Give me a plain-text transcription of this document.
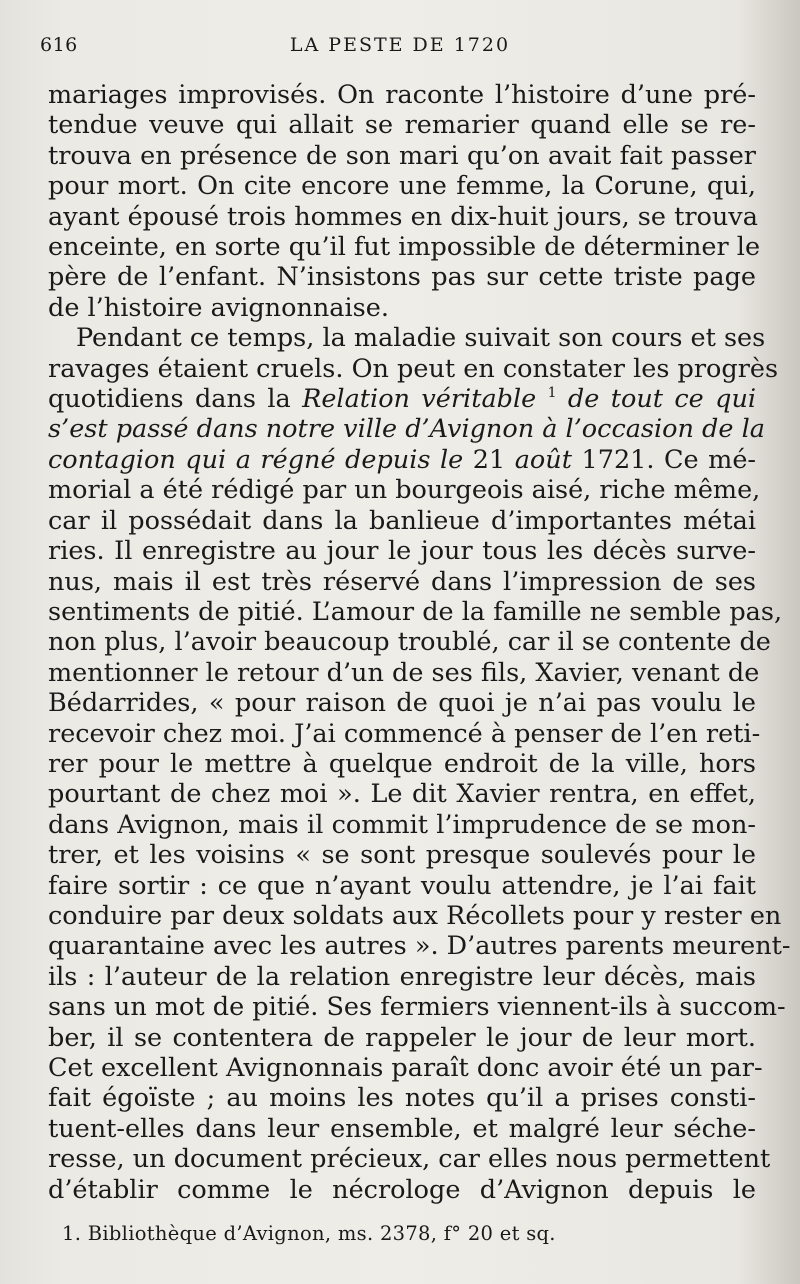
616	LA PESTE DE 1720
mariages improvisés. On raconte l’histoire d’une pré-
tendue veuve qui allait se remarier quand elle se re-
trouva en présence de son mari qu’on avait fait passer
pour mort. On cite encore une femme, la Corune, qui,
ayant épousé trois hommes en dix-huit jours, se trouva
enceinte, en sorte qu’il fut impossible de déterminer le
père de l’enfant. N’insistons pas sur cette triste page
de l’histoire avignonnaise.
Pendant ce temps, la maladie suivait son cours et ses
ravages étaient cruels. On peut en constater les progrès
quotidiens dans la Relation véritable $^1$ de tout ce qui
s’est passé dans notre ville d’Avignon à l’occasion de la
contagion qui a régné depuis le 21 août 1721. Ce mé-
morial a été rédigé par un bourgeois aisé, riche même,
car il possédait dans la banlieue d’importantes métai
ries. Il enregistre au jour le jour tous les décès surve-
nus, mais il est très réservé dans l’impression de ses
sentiments de pitié. L’amour de la famille ne semble pas,
non plus, l’avoir beaucoup troublé, car il se contente de
mentionner le retour d’un de ses fils, Xavier, venant de
Bédarrides, « pour raison de quoi je n’ai pas voulu le
recevoir chez moi. J’ai commencé à penser de l’en reti-
rer pour le mettre à quelque endroit de la ville, hors
pourtant de chez moi ». Le dit Xavier rentra, en effet,
dans Avignon, mais il commit l’imprudence de se mon-
trer, et les voisins « se sont presque soulevés pour le
faire sortir : ce que n’ayant voulu attendre, je l’ai fait
conduire par deux soldats aux Récollets pour y rester en
quarantaine avec les autres ». D’autres parents meurent-
ils : l’auteur de la relation enregistre leur décès, mais
sans un mot de pitié. Ses fermiers viennent-ils à succom-
ber, il se contentera de rappeler le jour de leur mort.
Cet excellent Avignonnais paraît donc avoir été un par-
fait égoïste ; au moins les notes qu’il a prises consti-
tuent-elles dans leur ensemble, et malgré leur séche-
resse, un document précieux, car elles nous permettent
d’établir comme le nécrologe d’Avignon depuis le
1. Bibliothèque d’Avignon, ms. 2378, f° 20 et sq.
